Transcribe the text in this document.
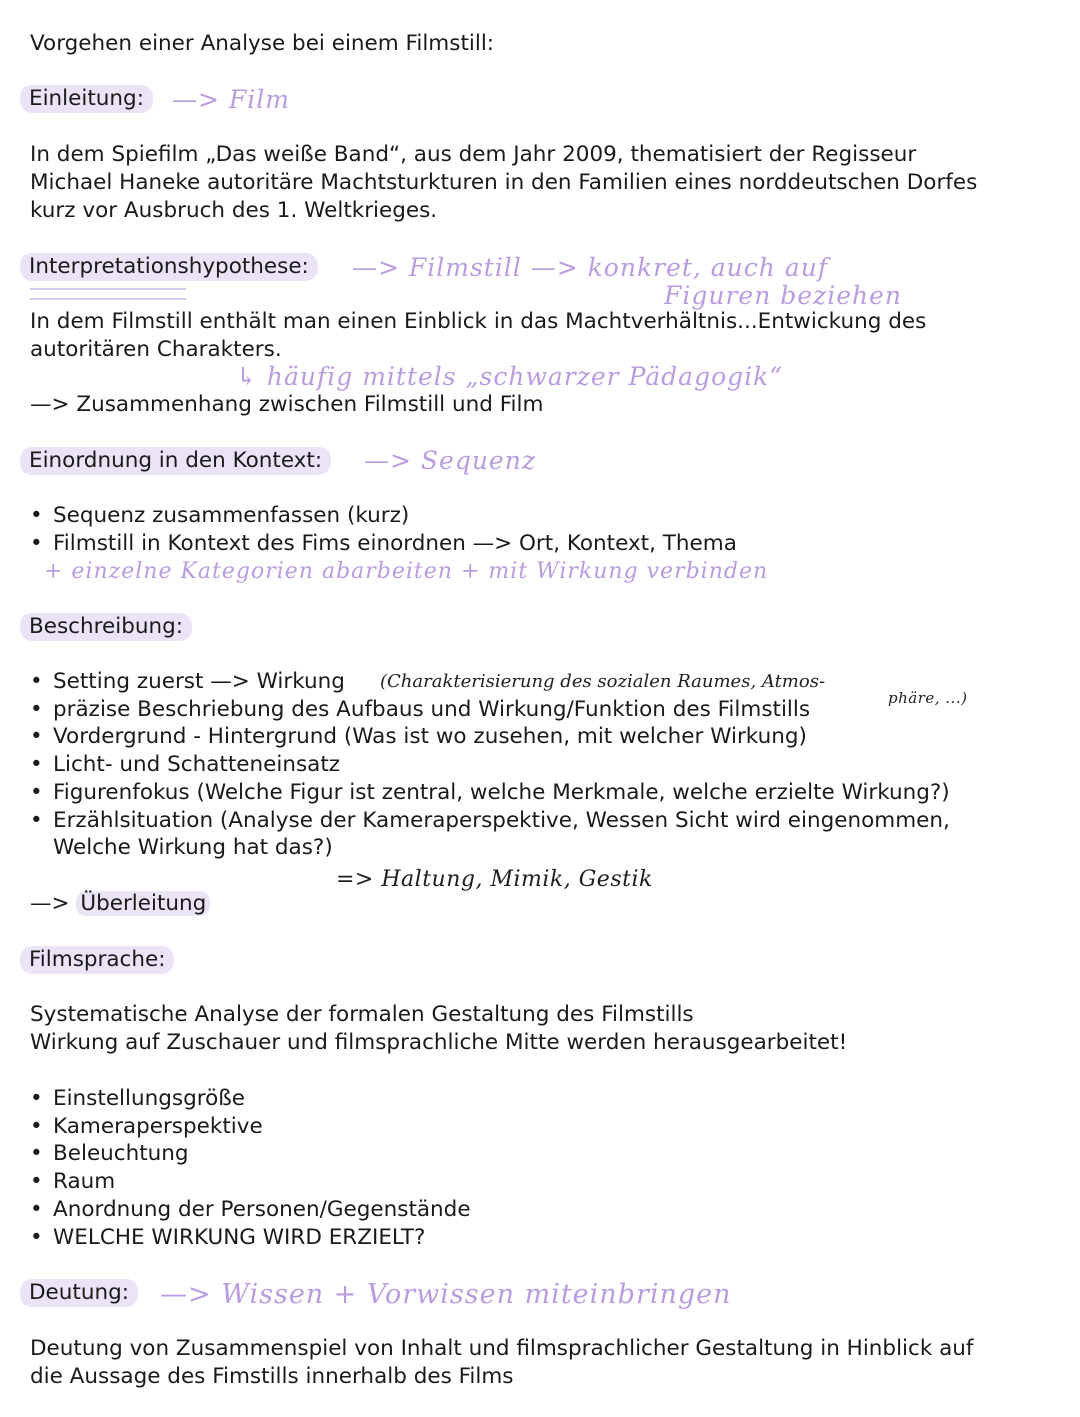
Vorgehen einer Analyse bei einem Filmstill:
Einleitung:	—> Film
In dem Spiefilm „Das weiße Band“, aus dem Jahr 2009, thematisiert der Regisseur
Michael Haneke autoritäre Machtsturkturen in den Familien eines norddeutschen Dorfes
kurz vor Ausbruch des 1. Weltkrieges.
Interpretationshypothese:	—> Filmstill —> konkret, auch auf
Figuren beziehen
In dem Filmstill enthält man einen Einblick in das Machtverhältnis...Entwickung des
autoritären Charakters.
↳ häufig mittels „schwarzer Pädagogik“
—> Zusammenhang zwischen Filmstill und Film
Einordnung in den Kontext:	—> Sequenz
• Sequenz zusammenfassen (kurz)
• Filmstill in Kontext des Fims einordnen —> Ort, Kontext, Thema
+ einzelne Kategorien abarbeiten + mit Wirkung verbinden
Beschreibung:
• Setting zuerst —> Wirkung
• präzise Beschriebung des Aufbaus und Wirkung/Funktion des Filmstills
• Vordergrund - Hintergrund (Was ist wo zusehen, mit welcher Wirkung)
• Licht- und Schatteneinsatz
• Figurenfokus (Welche Figur ist zentral, welche Merkmale, welche erzielte Wirkung?)
• Erzählsituation (Analyse der Kameraperspektive, Wessen Sicht wird eingenommen,
Welche Wirkung hat das?)
(Charakterisierung des sozialen Raumes, Atmos-
phäre, ...)
=> Haltung, Mimik, Gestik
—> Überleitung
Filmsprache:
Systematische Analyse der formalen Gestaltung des Filmstills
Wirkung auf Zuschauer und filmsprachliche Mitte werden herausgearbeitet!
• Einstellungsgröße
• Kameraperspektive
• Beleuchtung
• Raum
• Anordnung der Personen/Gegenstände
• WELCHE WIRKUNG WIRD ERZIELT?
Deutung:	—> Wissen + Vorwissen miteinbringen
Deutung von Zusammenspiel von Inhalt und filmsprachlicher Gestaltung in Hinblick auf
die Aussage des Fimstills innerhalb des Films
